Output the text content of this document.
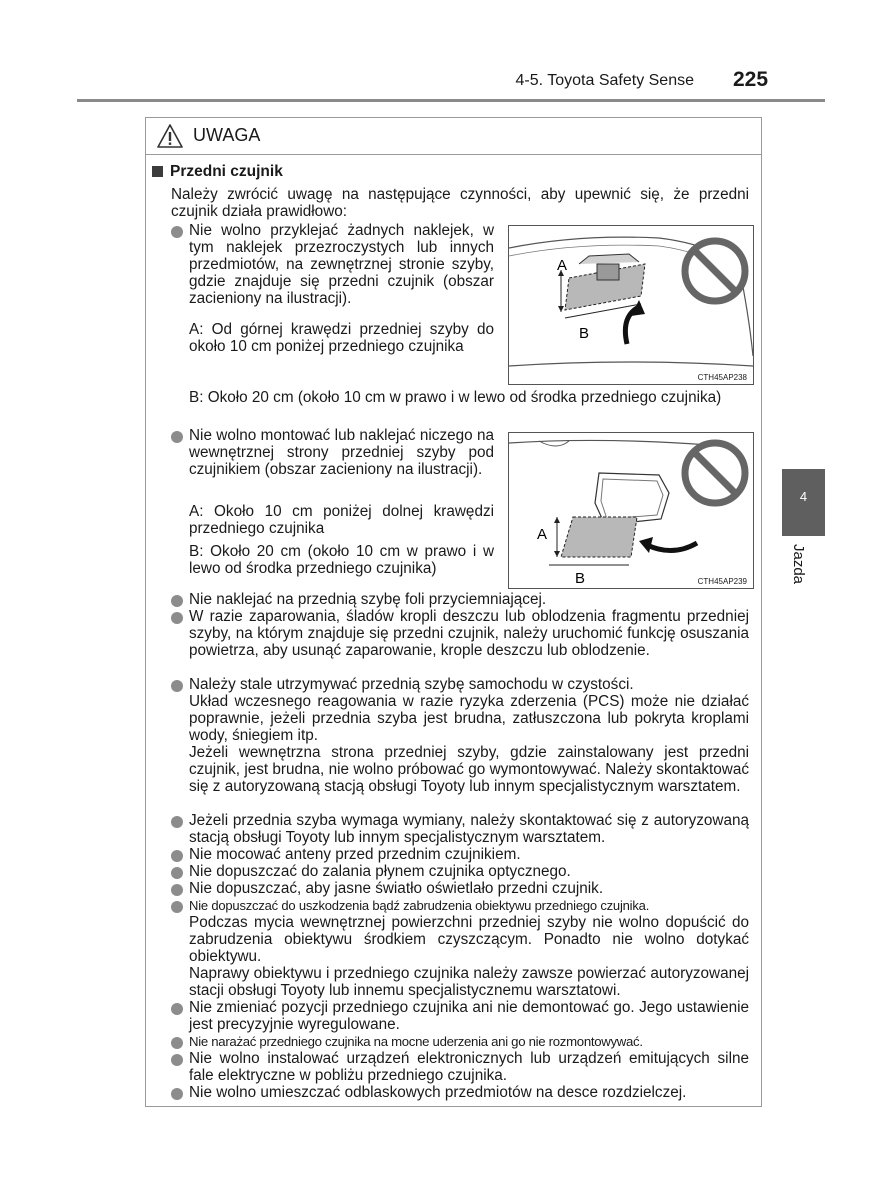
4-5. Toyota Safety Sense 225
4
Jazda
UWAGA
Przedni czujnik
Należy zwrócić uwagę na następujące czynności, aby upewnić się, że przedni czujnik działa prawidłowo:
Nie wolno przyklejać żadnych naklejek, w tym naklejek przezroczystych lub innych przedmiotów, na zewnętrznej stronie szyby, gdzie znajduje się przedni czujnik (obszar zacieniony na ilustracji).
A: Od górnej krawędzi przedniej szyby do około 10 cm poniżej przedniego czujnika
B: Około 20 cm (około 10 cm w prawo i w lewo od środka przedniego czujnika)
A
B
CTH45AP238
Nie wolno montować lub naklejać niczego na wewnętrznej strony przedniej szyby pod czujnikiem (obszar zacieniony na ilustracji).
A: Około 10 cm poniżej dolnej krawędzi przedniego czujnika
B: Około 20 cm (około 10 cm w prawo i w lewo od środka przedniego czujnika)
A
B	CTH45AP239
Nie naklejać na przednią szybę foli przyciemniającej.
W razie zaparowania, śladów kropli deszczu lub oblodzenia fragmentu przedniej szyby, na którym znajduje się przedni czujnik, należy uruchomić funkcję osuszania powietrza, aby usunąć zaparowanie, krople deszczu lub oblodzenie.
Należy stale utrzymywać przednią szybę samochodu w czystości.
Układ wczesnego reagowania w razie ryzyka zderzenia (PCS) może nie działać poprawnie, jeżeli przednia szyba jest brudna, zatłuszczona lub pokryta kroplami wody, śniegiem itp.
Jeżeli wewnętrzna strona przedniej szyby, gdzie zainstalowany jest przedni czujnik, jest brudna, nie wolno próbować go wymontowywać. Należy skontaktować się z autoryzowaną stacją obsługi Toyoty lub innym specjalistycznym warsztatem.
Jeżeli przednia szyba wymaga wymiany, należy skontaktować się z autoryzowaną stacją obsługi Toyoty lub innym specjalistycznym warsztatem.
Nie mocować anteny przed przednim czujnikiem.
Nie dopuszczać do zalania płynem czujnika optycznego.
Nie dopuszczać, aby jasne światło oświetlało przedni czujnik.
Nie dopuszczać do uszkodzenia bądź zabrudzenia obiektywu przedniego czujnika.
Podczas mycia wewnętrznej powierzchni przedniej szyby nie wolno dopuścić do zabrudzenia obiektywu środkiem czyszczącym. Ponadto nie wolno dotykać obiektywu.
Naprawy obiektywu i przedniego czujnika należy zawsze powierzać autoryzowanej stacji obsługi Toyoty lub innemu specjalistycznemu warsztatowi.
Nie zmieniać pozycji przedniego czujnika ani nie demontować go. Jego ustawienie jest precyzyjnie wyregulowane.
Nie narażać przedniego czujnika na mocne uderzenia ani go nie rozmontowywać.
Nie wolno instalować urządzeń elektronicznych lub urządzeń emitujących silne fale elektryczne w pobliżu przedniego czujnika.
Nie wolno umieszczać odblaskowych przedmiotów na desce rozdzielczej.
